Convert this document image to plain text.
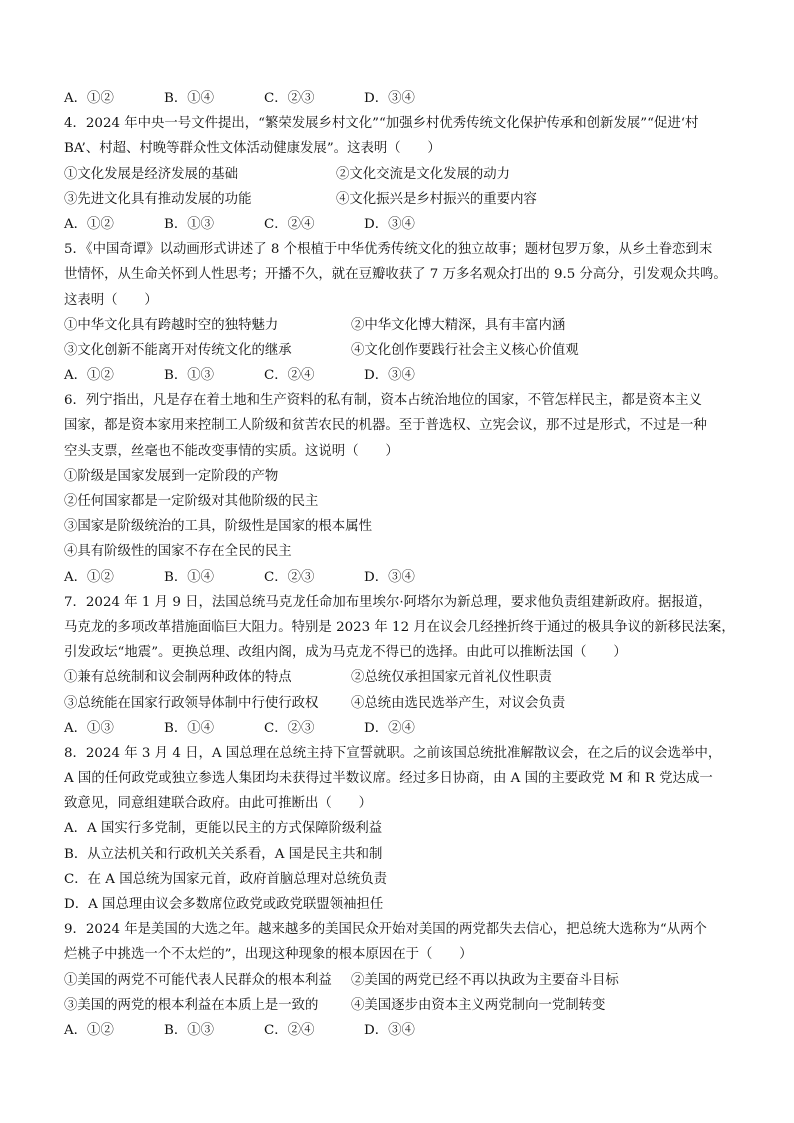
A．①②	B．①④	C．②③	D．③④
4．2024 年中央一号文件提出，“繁荣发展乡村文化”“加强乡村优秀传统文化保护传承和创新发展”“促进‘村
BA’、村超、村晚等群众性文体活动健康发展”。这表明（　　）
①文化发展是经济发展的基础	②文化交流是文化发展的动力
③先进文化具有推动发展的功能	④文化振兴是乡村振兴的重要内容
A．①②	B．①③	C．②④	D．③④
5．《中国奇谭》以动画形式讲述了 8 个根植于中华优秀传统文化的独立故事；题材包罗万象，从乡土眷恋到末
世情怀，从生命关怀到人性思考；开播不久，就在豆瓣收获了 7 万多名观众打出的 9.5 分高分，引发观众共鸣。
这表明（　　）
①中华文化具有跨越时空的独特魅力	②中华文化博大精深，具有丰富内涵
③文化创新不能离开对传统文化的继承	④文化创作要践行社会主义核心价值观
A．①②	B．①③	C．②④	D．③④
6．列宁指出，凡是存在着土地和生产资料的私有制，资本占统治地位的国家，不管怎样民主，都是资本主义
国家，都是资本家用来控制工人阶级和贫苦农民的机器。至于普选权、立宪会议，那不过是形式，不过是一种
空头支票，丝毫也不能改变事情的实质。这说明（　　）
①阶级是国家发展到一定阶段的产物
②任何国家都是一定阶级对其他阶级的民主
③国家是阶级统治的工具，阶级性是国家的根本属性
④具有阶级性的国家不存在全民的民主
A．①②	B．①④	C．②③	D．③④
7．2024 年 1 月 9 日，法国总统马克龙任命加布里埃尔·阿塔尔为新总理，要求他负责组建新政府。据报道，
马克龙的多项改革措施面临巨大阻力。特别是 2023 年 12 月在议会几经挫折终于通过的极具争议的新移民法案，
引发政坛“地震”。更换总理、改组内阁，成为马克龙不得已的选择。由此可以推断法国（　　）
①兼有总统制和议会制两种政体的特点	②总统仅承担国家元首礼仪性职责
③总统能在国家行政领导体制中行使行政权	④总统由选民选举产生，对议会负责
A．①③	B．①④	C．②③	D．②④
8．2024 年 3 月 4 日，A 国总理在总统主持下宣誓就职。之前该国总统批准解散议会，在之后的议会选举中，
A 国的任何政党或独立参选人集团均未获得过半数议席。经过多日协商，由 A 国的主要政党 M 和 R 党达成一
致意见，同意组建联合政府。由此可推断出（　　）
A．A 国实行多党制，更能以民主的方式保障阶级利益
B．从立法机关和行政机关关系看，A 国是民主共和制
C．在 A 国总统为国家元首，政府首脑总理对总统负责
D．A 国总理由议会多数席位政党或政党联盟领袖担任
9．2024 年是美国的大选之年。越来越多的美国民众开始对美国的两党都失去信心，把总统大选称为“从两个
烂桃子中挑选一个不太烂的”，出现这种现象的根本原因在于（　　）
①美国的两党不可能代表人民群众的根本利益	②美国的两党已经不再以执政为主要奋斗目标
③美国的两党的根本利益在本质上是一致的	④美国逐步由资本主义两党制向一党制转变
A．①②	B．①③	C．②④	D．③④
